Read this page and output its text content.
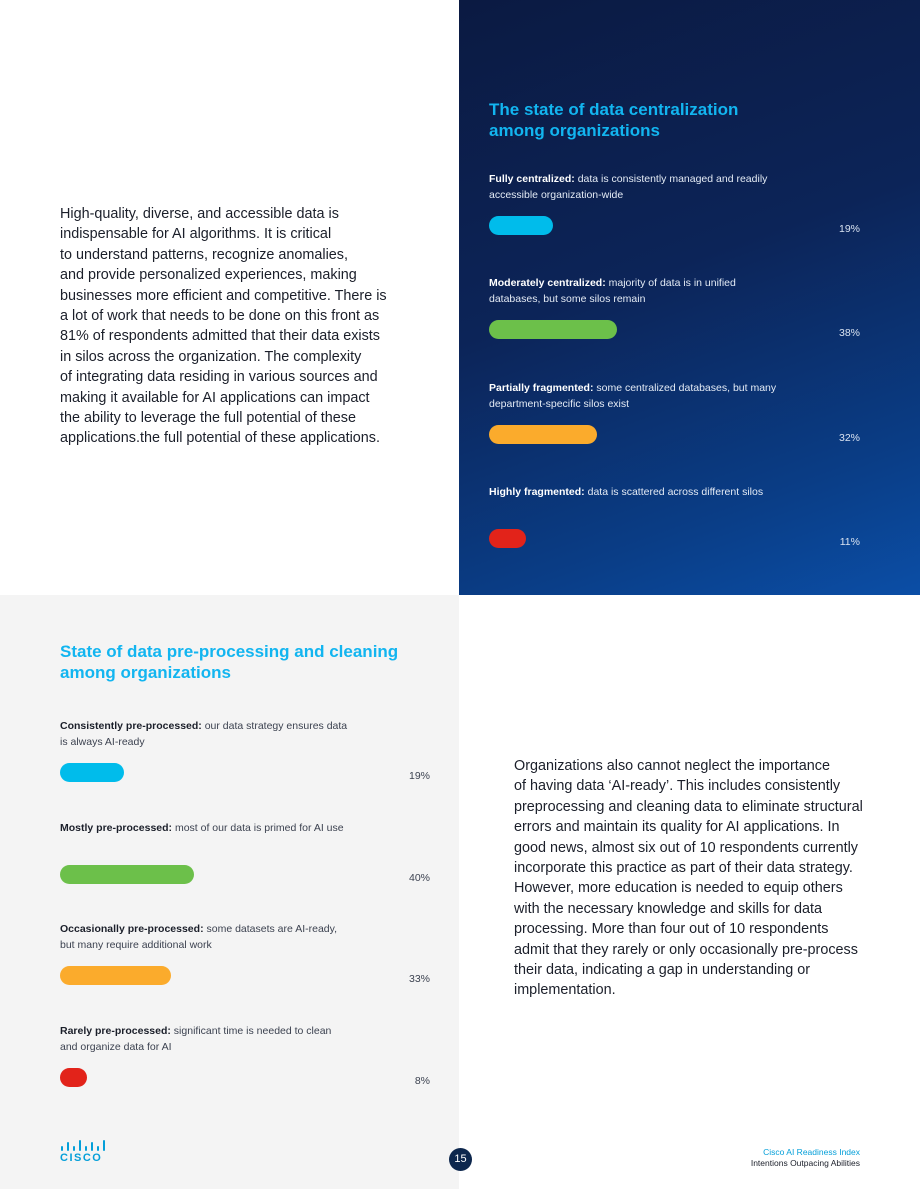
High-quality, diverse, and accessible data is
indispensable for AI algorithms. It is critical
to understand patterns, recognize anomalies,
and provide personalized experiences, making
businesses more efficient and competitive. There is
a lot of work that needs to be done on this front as
81% of respondents admitted that their data exists
in silos across the organization. The complexity
of integrating data residing in various sources and
making it available for AI applications can impact
the ability to leverage the full potential of these
applications.the full potential of these applications.
The state of data centralization
among organizations
Fully centralized: data is consistently managed and readily accessible organization-wide
19%
Moderately centralized: majority of data is in unified databases, but some silos remain
38%
Partially fragmented: some centralized databases, but many department-specific silos exist
32%
Highly fragmented: data is scattered across different silos
11%
State of data pre-processing and cleaning
among organizations
Consistently pre-processed: our data strategy ensures data is always AI-ready
19%
Mostly pre-processed: most of our data is primed for AI use
40%
Occasionally pre-processed: some datasets are AI-ready, but many require additional work
33%
Rarely pre-processed: significant time is needed to clean and organize data for AI
8%
Organizations also cannot neglect the importance
of having data ‘AI-ready’. This includes consistently
preprocessing and cleaning data to eliminate structural
errors and maintain its quality for AI applications. In
good news, almost six out of 10 respondents currently
incorporate this practice as part of their data strategy.
However, more education is needed to equip others
with the necessary knowledge and skills for data
processing. More than four out of 10 respondents
admit that they rarely or only occasionally pre-process
their data, indicating a gap in understanding or
implementation.
CISCO	15
Cisco AI Readiness Index
Intentions Outpacing Abilities
